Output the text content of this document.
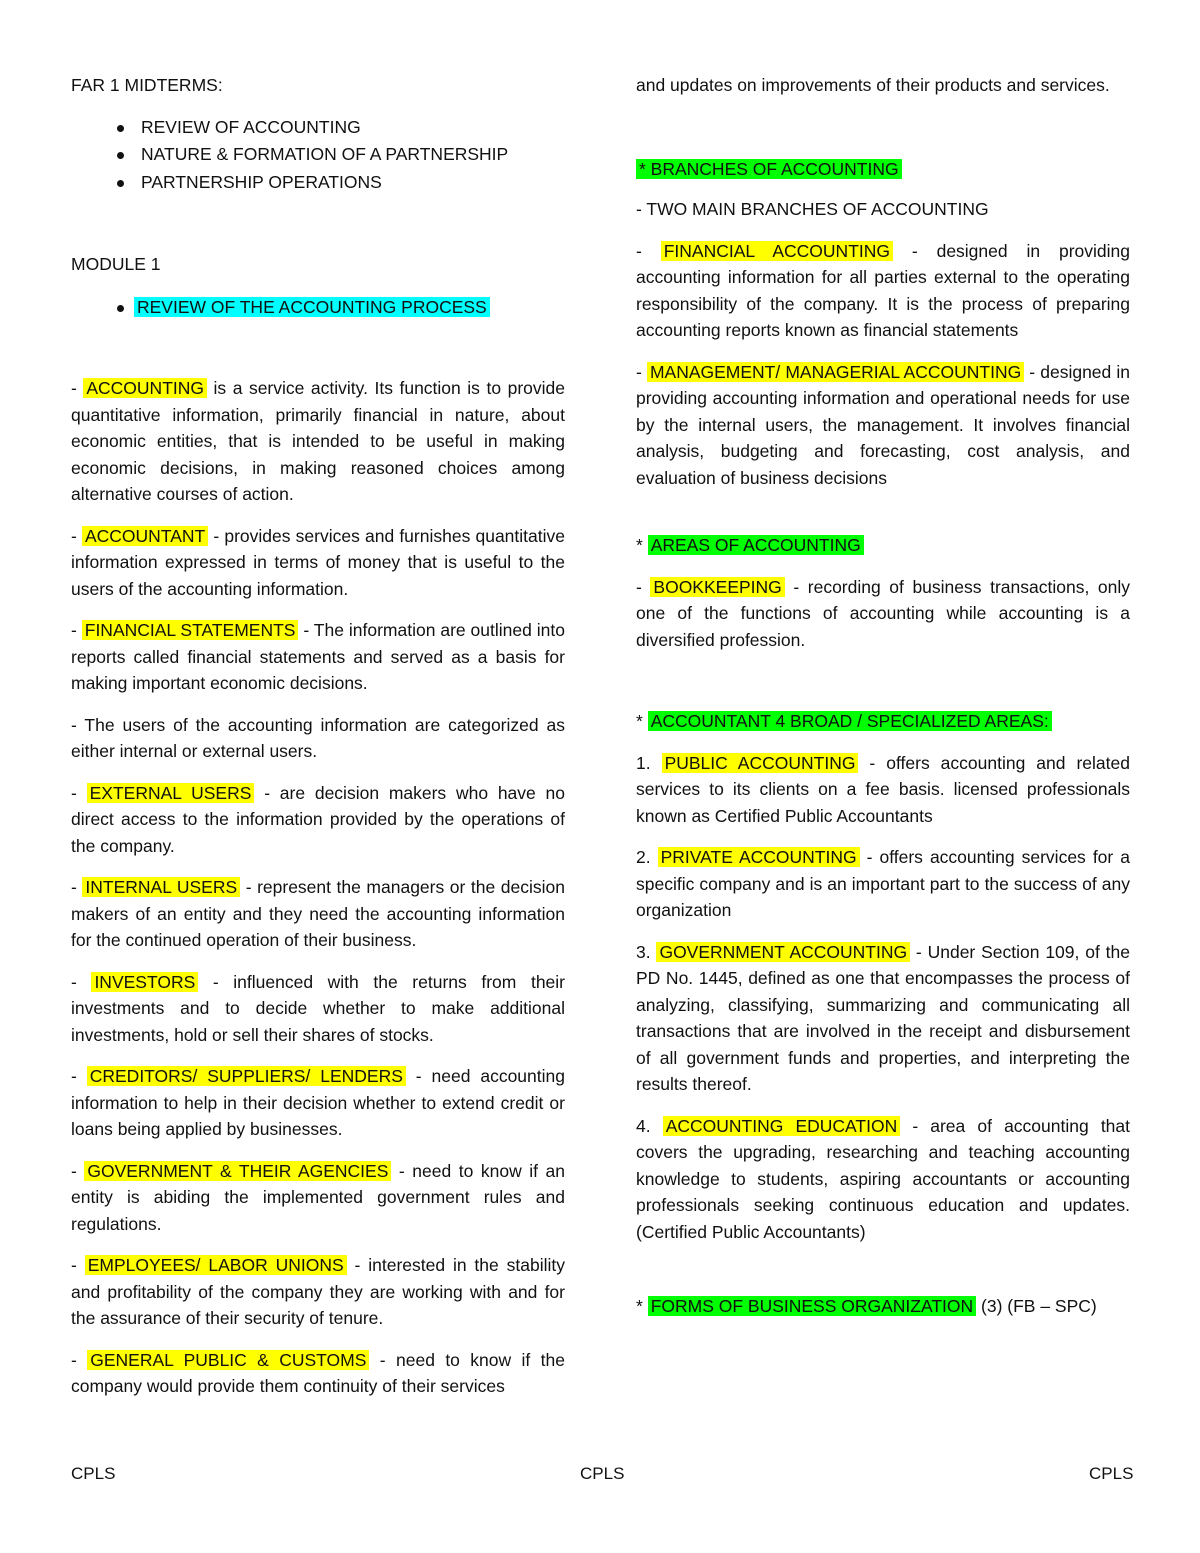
FAR 1 MIDTERMS:

REVIEW OF ACCOUNTING
NATURE & FORMATION OF A PARTNERSHIP
PARTNERSHIP OPERATIONS

MODULE 1

REVIEW OF THE ACCOUNTING PROCESS

- ACCOUNTING is a service activity. Its function is to provide quantitative information, primarily financial in nature, about economic entities, that is intended to be useful in making economic decisions, in making reasoned choices among alternative courses of action.

- ACCOUNTANT - provides services and furnishes quantitative information expressed in terms of money that is useful to the users of the accounting information.

- FINANCIAL STATEMENTS - The information are outlined into reports called financial statements and served as a basis for making important economic decisions.

- The users of the accounting information are categorized as either internal or external users.

- EXTERNAL USERS - are decision makers who have no direct access to the information provided by the operations of the company.

- INTERNAL USERS - represent the managers or the decision makers of an entity and they need the accounting information for the continued operation of their business.

- INVESTORS - influenced with the returns from their investments and to decide whether to make additional investments, hold or sell their shares of stocks.

- CREDITORS/ SUPPLIERS/ LENDERS - need accounting information to help in their decision whether to extend credit or loans being applied by businesses.

- GOVERNMENT & THEIR AGENCIES - need to know if an entity is abiding the implemented government rules and regulations.

- EMPLOYEES/ LABOR UNIONS - interested in the stability and profitability of the company they are working with and for the assurance of their security of tenure.

- GENERAL PUBLIC & CUSTOMS - need to know if the company would provide them continuity of their services

and updates on improvements of their products and services.

* BRANCHES OF ACCOUNTING

- TWO MAIN BRANCHES OF ACCOUNTING

- FINANCIAL ACCOUNTING - designed in providing accounting information for all parties external to the operating responsibility of the company. It is the process of preparing accounting reports known as financial statements

- MANAGEMENT/ MANAGERIAL ACCOUNTING - designed in providing accounting information and operational needs for use by the internal users, the management. It involves financial analysis, budgeting and forecasting, cost analysis, and evaluation of business decisions

* AREAS OF ACCOUNTING

- BOOKKEEPING - recording of business transactions, only one of the functions of accounting while accounting is a diversified profession.

* ACCOUNTANT 4 BROAD / SPECIALIZED AREAS:

1. PUBLIC ACCOUNTING - offers accounting and related services to its clients on a fee basis. licensed professionals known as Certified Public Accountants

2. PRIVATE ACCOUNTING - offers accounting services for a specific company and is an important part to the success of any organization

3. GOVERNMENT ACCOUNTING - Under Section 109, of the PD No. 1445, defined as one that encompasses the process of analyzing, classifying, summarizing and communicating all transactions that are involved in the receipt and disbursement of all government funds and properties, and interpreting the results thereof.

4. ACCOUNTING EDUCATION - area of accounting that covers the upgrading, researching and teaching accounting knowledge to students, aspiring accountants or accounting professionals seeking continuous education and updates. (Certified Public Accountants)

* FORMS OF BUSINESS ORGANIZATION (3) (FB – SPC)

CPLS	CPLS	CPLS
